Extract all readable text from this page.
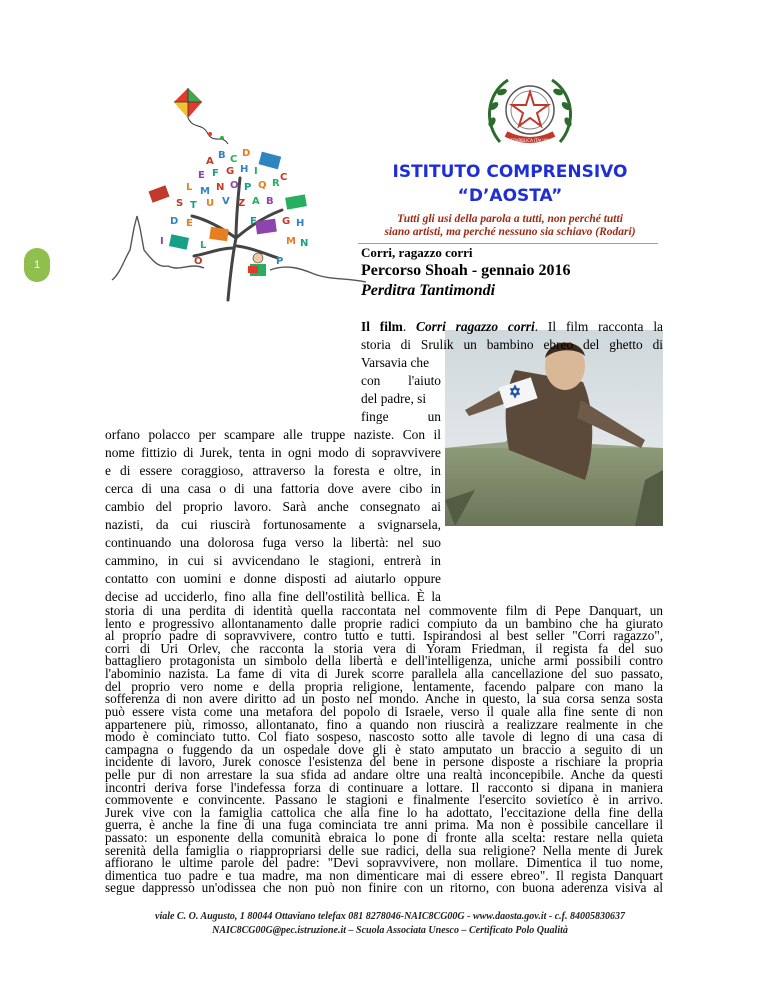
A
B C
D
E F G H I
L M N O P Q R
S T U V Z A B
C
D E	F	G H
I	L	M N
O	P
REPVBBLICA ITALIANA
ISTITUTO COMPRENSIVO
“D’AOSTA”
Tutti gli usi della parola a tutti, non perché tutti
siano artisti, ma perché nessuno sia schiavo (Rodari)
1
Corri, ragazzo corri
Percorso Shoah - gennaio 2016
Perditra Tantimondi
Il film. Corri ragazzo corri. Il film racconta la
storia di Srulik un bambino ebreo del ghetto di
Varsavia che
con l'aiuto
del padre, si
finge un
orfano polacco per scampare alle truppe naziste. Con il
nome fittizio di Jurek, tenta in ogni modo di sopravvivere
e di essere coraggioso, attraverso la foresta e oltre, in
cerca di una casa o di una fattoria dove avere cibo in
cambio del proprio lavoro. Sarà anche consegnato ai
nazisti, da cui riuscirà fortunosamente a svignarsela,
continuando una dolorosa fuga verso la libertà: nel suo
cammino, in cui si avvicendano le stagioni, entrerà in
contatto con uomini e donne disposti ad aiutarlo oppure
decise ad ucciderlo, fino alla fine dell'ostilità bellica. È la
storia di una perdita di identità quella raccontata nel commovente film di Pepe Danquart, un
lento e progressivo allontanamento dalle proprie radici compiuto da un bambino che ha giurato
al proprio padre di sopravvivere, contro tutto e tutti. Ispirandosi al best seller "Corri ragazzo",
corri di Uri Orlev, che racconta la storia vera di Yoram Friedman, il regista fa del suo
battagliero protagonista un simbolo della libertà e dell'intelligenza, uniche armi possibili contro
l'abominio nazista. La fame di vita di Jurek scorre parallela alla cancellazione del suo passato,
del proprio vero nome e della propria religione, lentamente, facendo palpare con mano la
sofferenza di non avere diritto ad un posto nel mondo. Anche in questo, la sua corsa senza sosta
può essere vista come una metafora del popolo di Israele, verso il quale alla fine sente di non
appartenere più, rimosso, allontanato, fino a quando non riuscirà a realizzare realmente in che
modo è cominciato tutto. Col fiato sospeso, nascosto sotto alle tavole di legno di una casa di
campagna o fuggendo da un ospedale dove gli è stato amputato un braccio a seguito di un
incidente di lavoro, Jurek conosce l'esistenza del bene in persone disposte a rischiare la propria
pelle pur di non arrestare la sua sfida ad andare oltre una realtà inconcepibile. Anche da questi
incontri deriva forse l'indefessa forza di continuare a lottare. Il racconto si dipana in maniera
commovente e convincente. Passano le stagioni e finalmente l'esercito sovietico è in arrivo.
Jurek vive con la famiglia cattolica che alla fine lo ha adottato, l'eccitazione della fine della
guerra, è anche la fine di una fuga cominciata tre anni prima. Ma non è possibile cancellare il
passato: un esponente della comunità ebraica lo pone di fronte alla scelta: restare nella quieta
serenità della famiglia o riappropriarsi delle sue radici, della sua religione? Nella mente di Jurek
affiorano le ultime parole del padre: "Devi sopravvivere, non mollare. Dimentica il tuo nome,
dimentica tuo padre e tua madre, ma non dimenticare mai di essere ebreo". Il regista Danquart
segue dappresso un'odissea che non può non finire con un ritorno, con buona aderenza visiva al
viale C. O. Augusto, 1 80044 Ottaviano telefax 081 8278046-NAIC8CG00G - www.daosta.gov.it - c.f. 84005830637
NAIC8CG00G@pec.istruzione.it – Scuola Associata Unesco – Certificato Polo Qualità
